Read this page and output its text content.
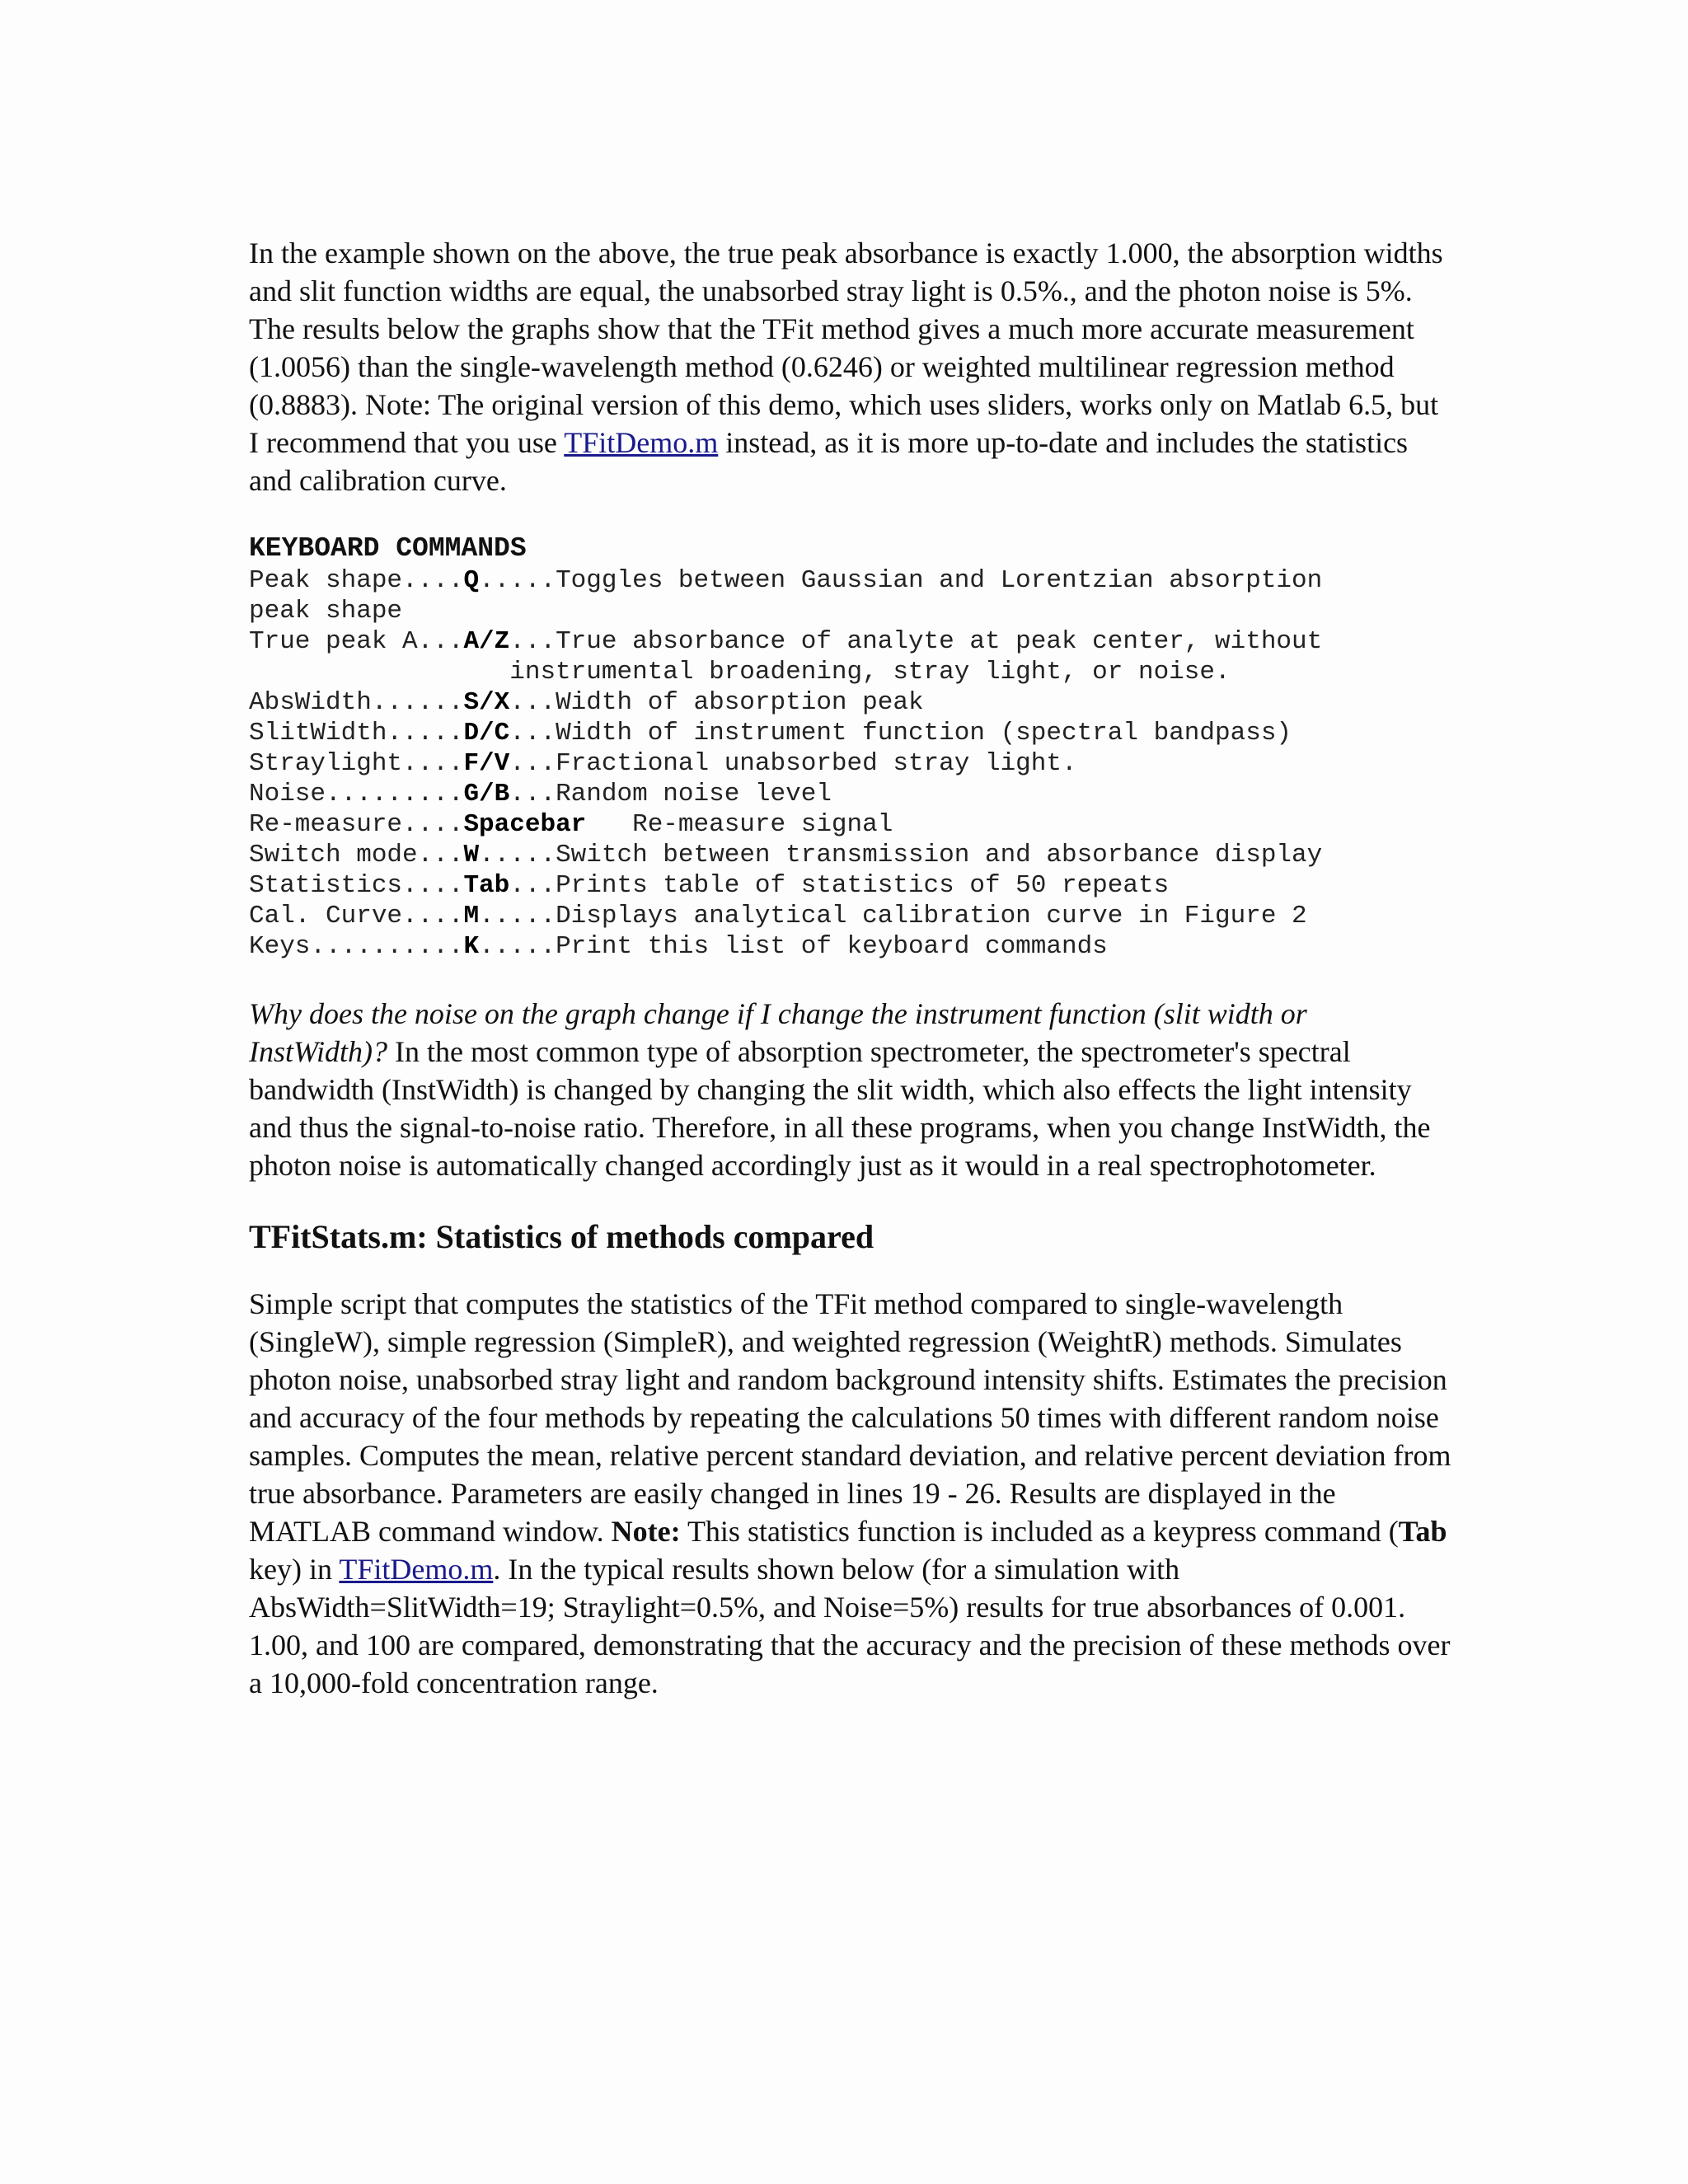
In the example shown on the above, the true peak absorbance is exactly 1.000, the absorption widths and slit function widths are equal, the unabsorbed stray light is 0.5%., and the photon noise is 5%. The results below the graphs show that the TFit method gives a much more accurate measurement (1.0056) than the single-wavelength method (0.6246) or weighted multilinear regression method (0.8883). Note: The original version of this demo, which uses sliders, works only on Matlab 6.5, but I recommend that you use TFitDemo.m instead, as it is more up-to-date and includes the statistics and calibration curve.

KEYBOARD COMMANDS
Peak shape....Q.....Toggles between Gaussian and Lorentzian absorption
peak shape
True peak A...A/Z...True absorbance of analyte at peak center, without
instrumental broadening, stray light, or noise.
AbsWidth......S/X...Width of absorption peak
SlitWidth.....D/C...Width of instrument function (spectral bandpass)
Straylight....F/V...Fractional unabsorbed stray light.
Noise.........G/B...Random noise level
Re-measure....Spacebar   Re-measure signal
Switch mode...W.....Switch between transmission and absorbance display
Statistics....Tab...Prints table of statistics of 50 repeats
Cal. Curve....M.....Displays analytical calibration curve in Figure 2
Keys..........K.....Print this list of keyboard commands

Why does the noise on the graph change if I change the instrument function (slit width or InstWidth)? In the most common type of absorption spectrometer, the spectrometer's spectral bandwidth (InstWidth) is changed by changing the slit width, which also effects the light intensity and thus the signal-to-noise ratio. Therefore, in all these programs, when you change InstWidth, the photon noise is automatically changed accordingly just as it would in a real spectrophotometer.

TFitStats.m: Statistics of methods compared

Simple script that computes the statistics of the TFit method compared to single-wavelength (SingleW), simple regression (SimpleR), and weighted regression (WeightR) methods. Simulates photon noise, unabsorbed stray light and random background intensity shifts. Estimates the precision and accuracy of the four methods by repeating the calculations 50 times with different random noise samples. Computes the mean, relative percent standard deviation, and relative percent deviation from true absorbance. Parameters are easily changed in lines 19 - 26. Results are displayed in the MATLAB command window. Note: This statistics function is included as a keypress command (Tab key) in TFitDemo.m. In the typical results shown below (for a simulation with AbsWidth=SlitWidth=19; Straylight=0.5%, and Noise=5%) results for true absorbances of 0.001. 1.00, and 100 are compared, demonstrating that the accuracy and the precision of these methods over a 10,000-fold concentration range.
